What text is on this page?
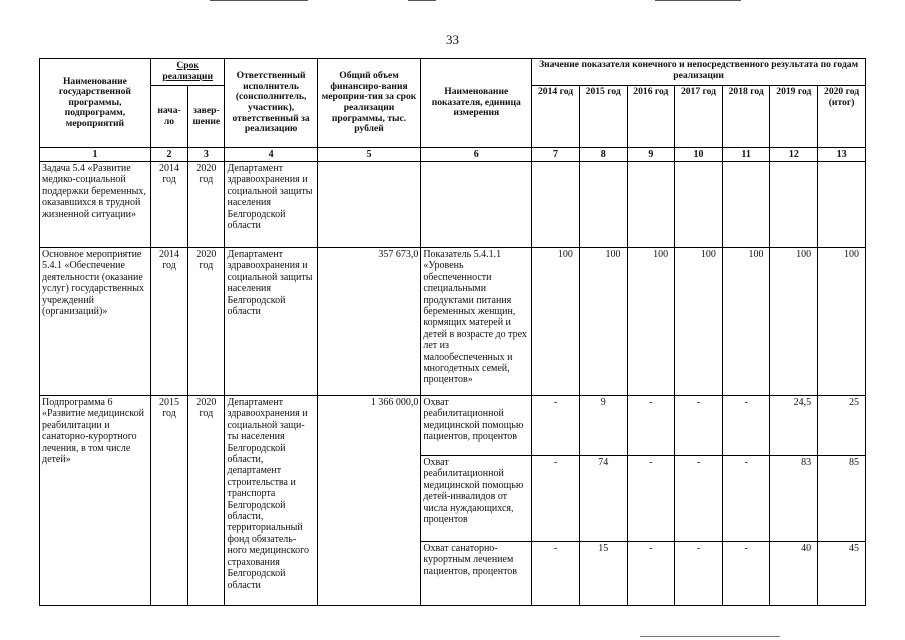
33
Наименование государственной программы, подпрограмм, мероприятий	Срок реализации		Ответственный исполнитель (соисполнитель, участник), ответственный за реализацию	Общий объем финансиро-вания мероприя-тия за срок реализации программы, тыс. рублей	Наименование показателя, единица измерения	Значение показателя конечного и непосредственного результата по годам реализации						
	нача-ло	завер-шение				2014 год	2015 год	2016 год	2017 год	2018 год	2019 год	2020 год (итог)
1	2	3	4	5	6	7	8	9	10	11	12	13
Задача 5.4 «Развитие медико-социальной поддержки беременных, оказавшихся в трудной жизненной ситуации»	2014 год	2020 год	Департамент здравоохранения и социальной защиты населения Белгородской области									
Основное мероприятие 5.4.1 «Обеспечение деятельности (оказание услуг) государственных учреждений (организаций)»	2014 год	2020 год	Департамент здравоохранения и социальной защиты населения Белгородской области	357 673,0	Показатель 5.4.1.1 «Уровень обеспеченности специальными продуктами питания беременных женщин, кормящих матерей и детей в возрасте до трех лет из малообеспеченных и многодетных семей, процентов»	100	100	100	100	100	100	100
Подпрограмма 6 «Развитие медицинской реабилитации и санаторно-курортного лечения, в том числе детей»	2015 год	2020 год	Департамент здравоохранения и социальной защи-ты населения Белгородской области, департамент строительства и транспорта Белгородской области, территориальный фонд обязатель-ного медицинского страхования Белгородской области	1 366 000,0	Охват реабилитационной медицинской помощью пациентов, процентов	-	9	-	-	-	24,5	25
					Охват реабилитационной медицинской помощью детей-инвалидов от числа нуждающихся, процентов	-	74	-	-	-	83	85
					Охват санаторно-курортным лечением пациентов, процентов	-	15	-	-	-	40	45
